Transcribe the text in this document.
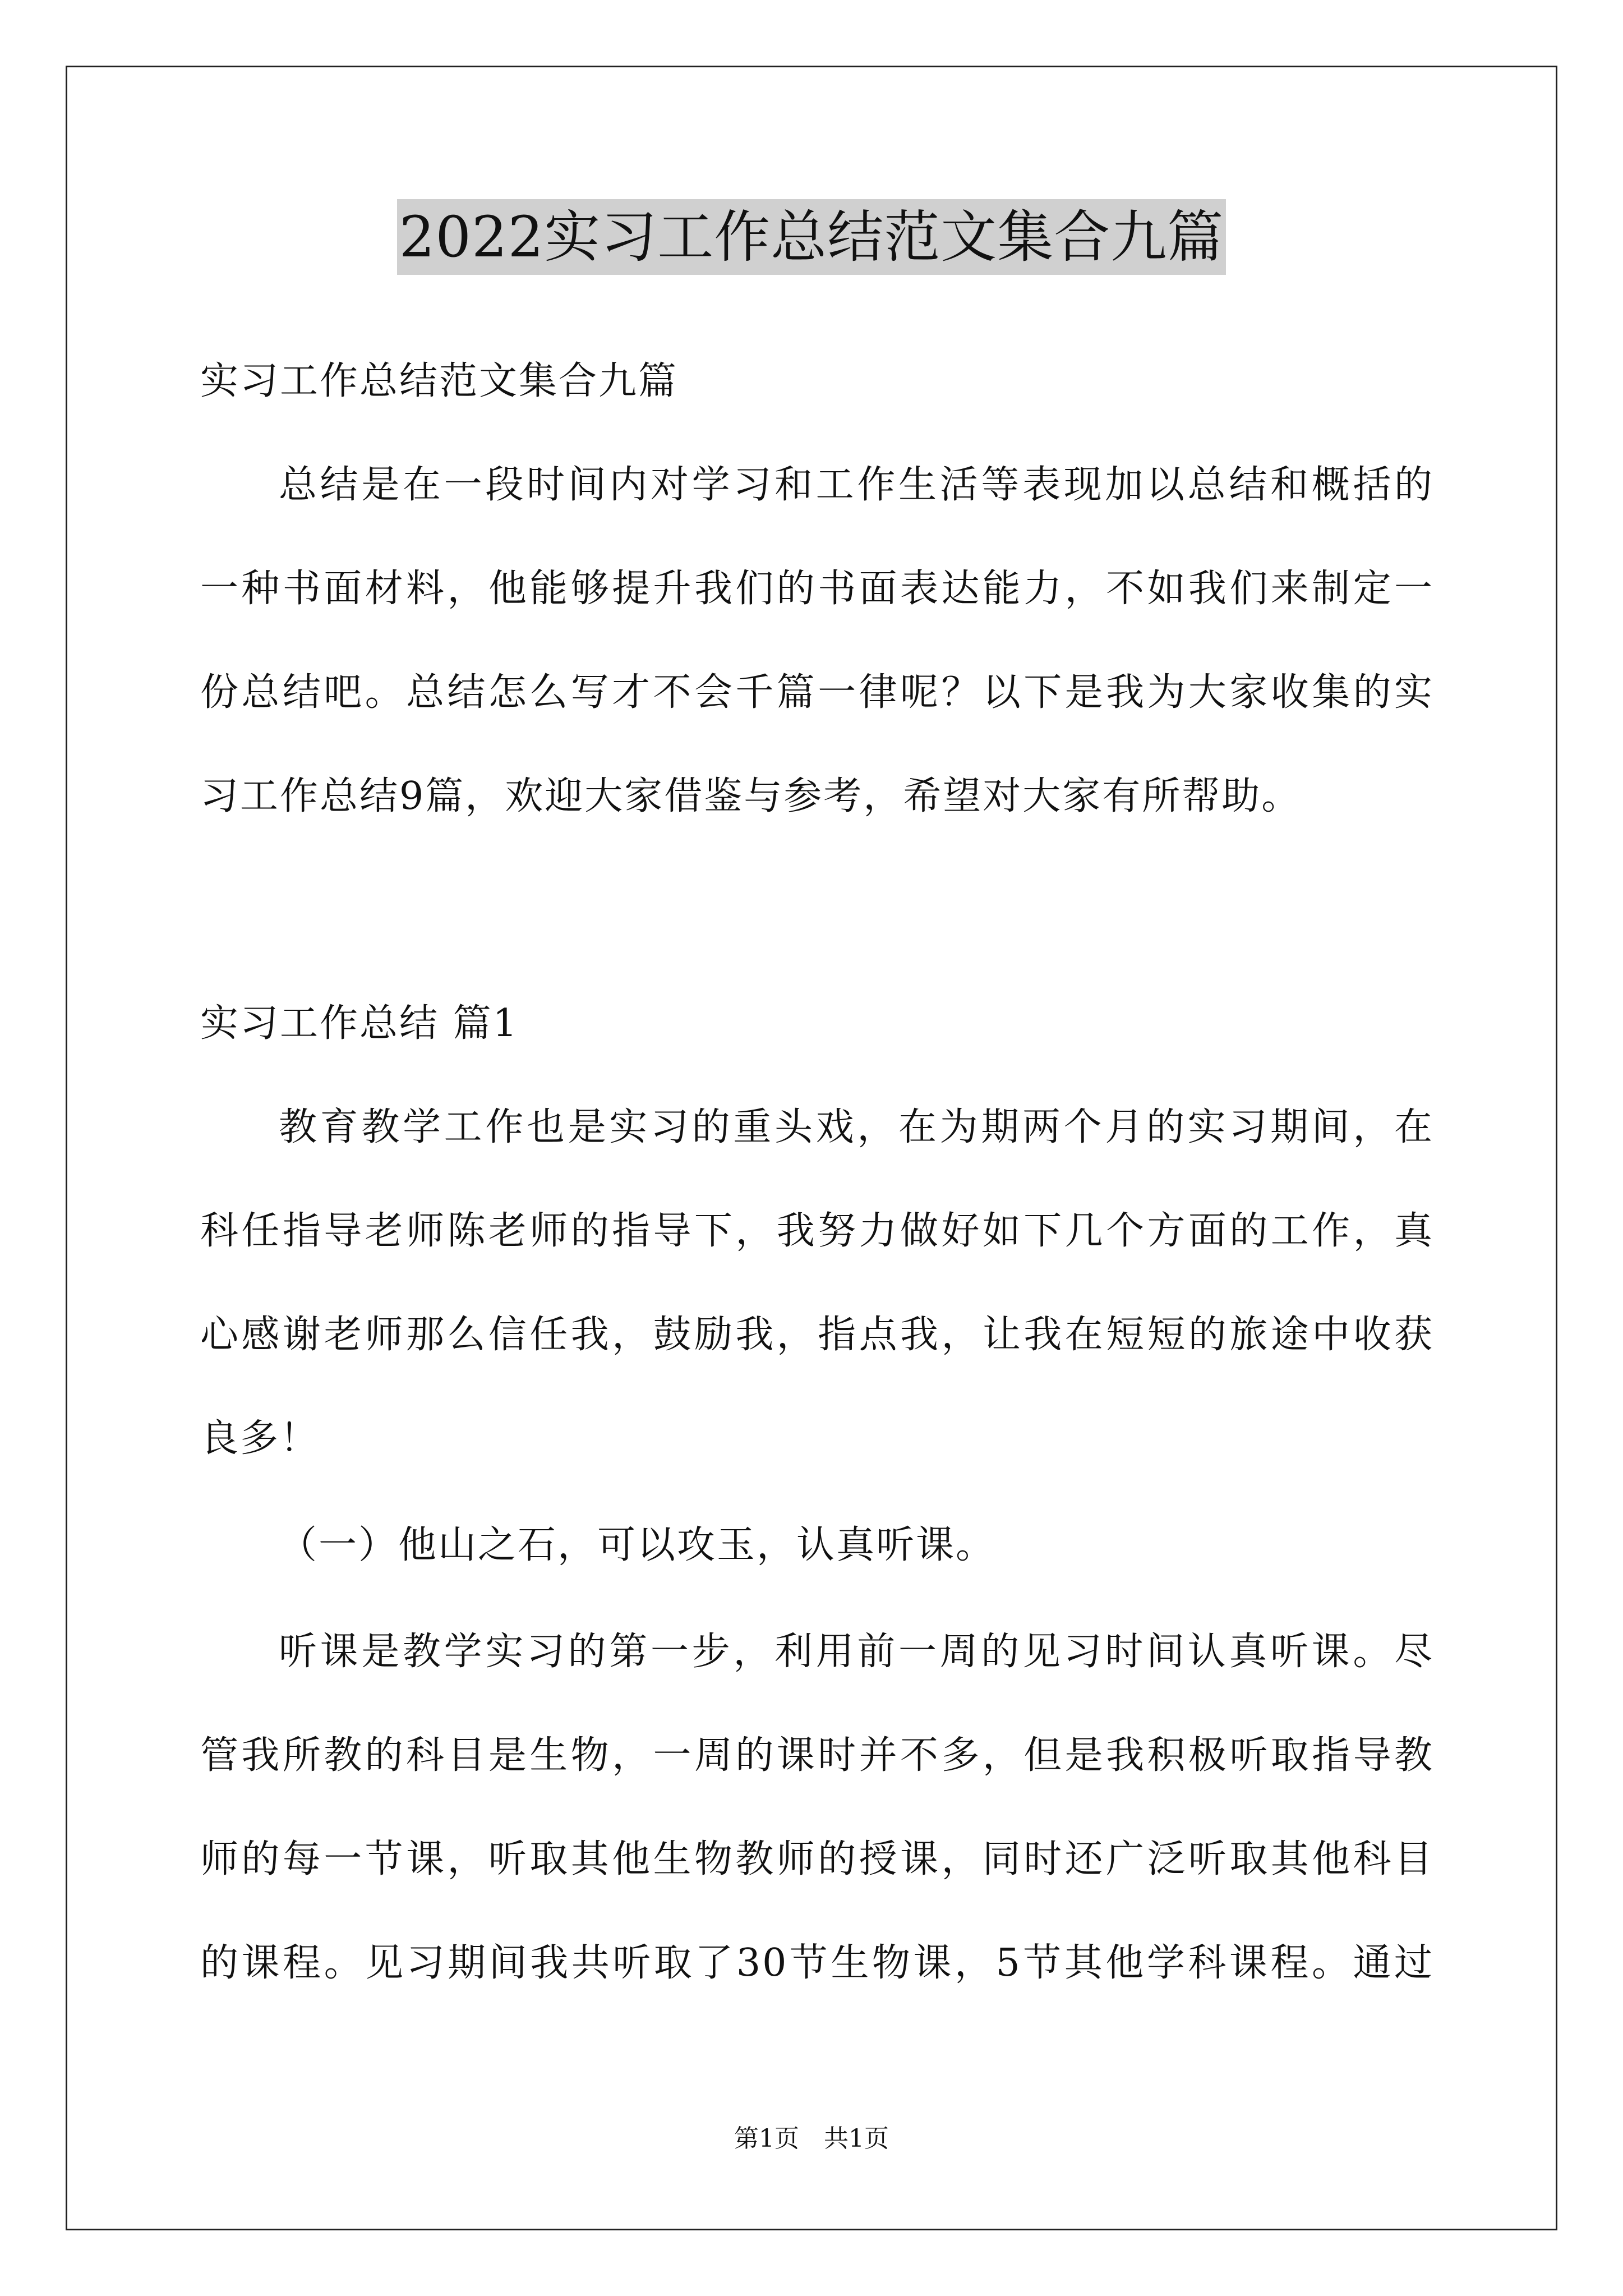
2022实习工作总结范文集合九篇
实习工作总结范文集合九篇
总结是在一段时间内对学习和工作生活等表现加以总结和概括的
一种书面材料，他能够提升我们的书面表达能力，不如我们来制定一
份总结吧。总结怎么写才不会千篇一律呢？以下是我为大家收集的实
习工作总结9篇，欢迎大家借鉴与参考，希望对大家有所帮助。
实习工作总结 篇1
教育教学工作也是实习的重头戏，在为期两个月的实习期间，在
科任指导老师陈老师的指导下，我努力做好如下几个方面的工作，真
心感谢老师那么信任我，鼓励我，指点我，让我在短短的旅途中收获
良多！
（一）他山之石，可以攻玉，认真听课。
听课是教学实习的第一步，利用前一周的见习时间认真听课。尽
管我所教的科目是生物，一周的课时并不多，但是我积极听取指导教
师的每一节课，听取其他生物教师的授课，同时还广泛听取其他科目
的课程。见习期间我共听取了30节生物课，5节其他学科课程。通过
第1页　共1页
